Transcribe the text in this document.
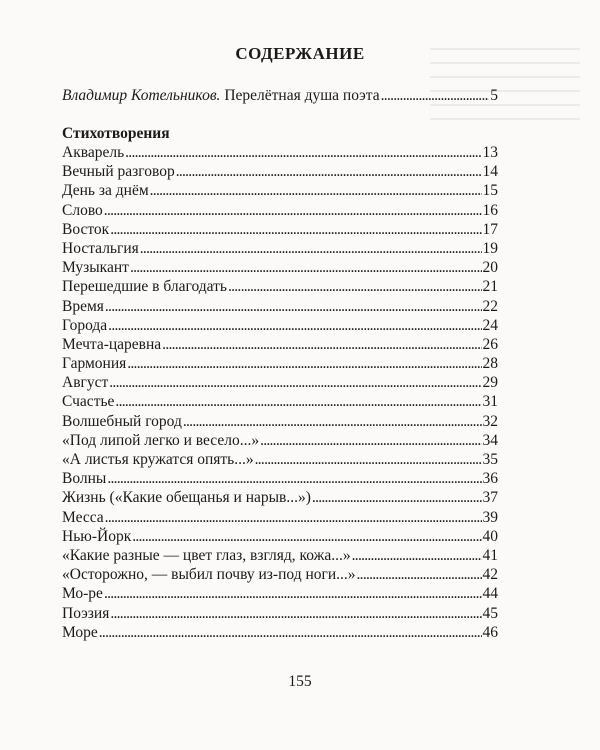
СОДЕРЖАНИЕ
Владимир Котельников.
Перелётная душа поэта . . .	5
Стихотворения
Акварель . . .	13
Вечный разговор . . .	14
День за днём . . .	15
Слово . . .	16
Восток . . .	17
Ностальгия . . .	19
Музыкант . . .	20
Перешедшие в благодать . . .	21
Время . . .	22
Города . . .	24
Мечта-царевна . . .	26
Гармония . . .	28
Август . . .	29
Счастье . . .	31
Волшебный город . . .	32
«Под липой легко и весело...» . . .	34
«А листья кружатся опять...» . . .	35
Волны . . .	36
Жизнь («Какие обещанья и нарыв...») . . .	37
Месса . . .	39
Нью-Йорк . . .	40
«Какие разные — цвет глаз, взгляд, кожа...» . . .	41
«Осторожно, — выбил почву из-под ноги...» . . .	42
Мо-ре . . .	44
Поэзия . . .	45
Море . . .	46
155
